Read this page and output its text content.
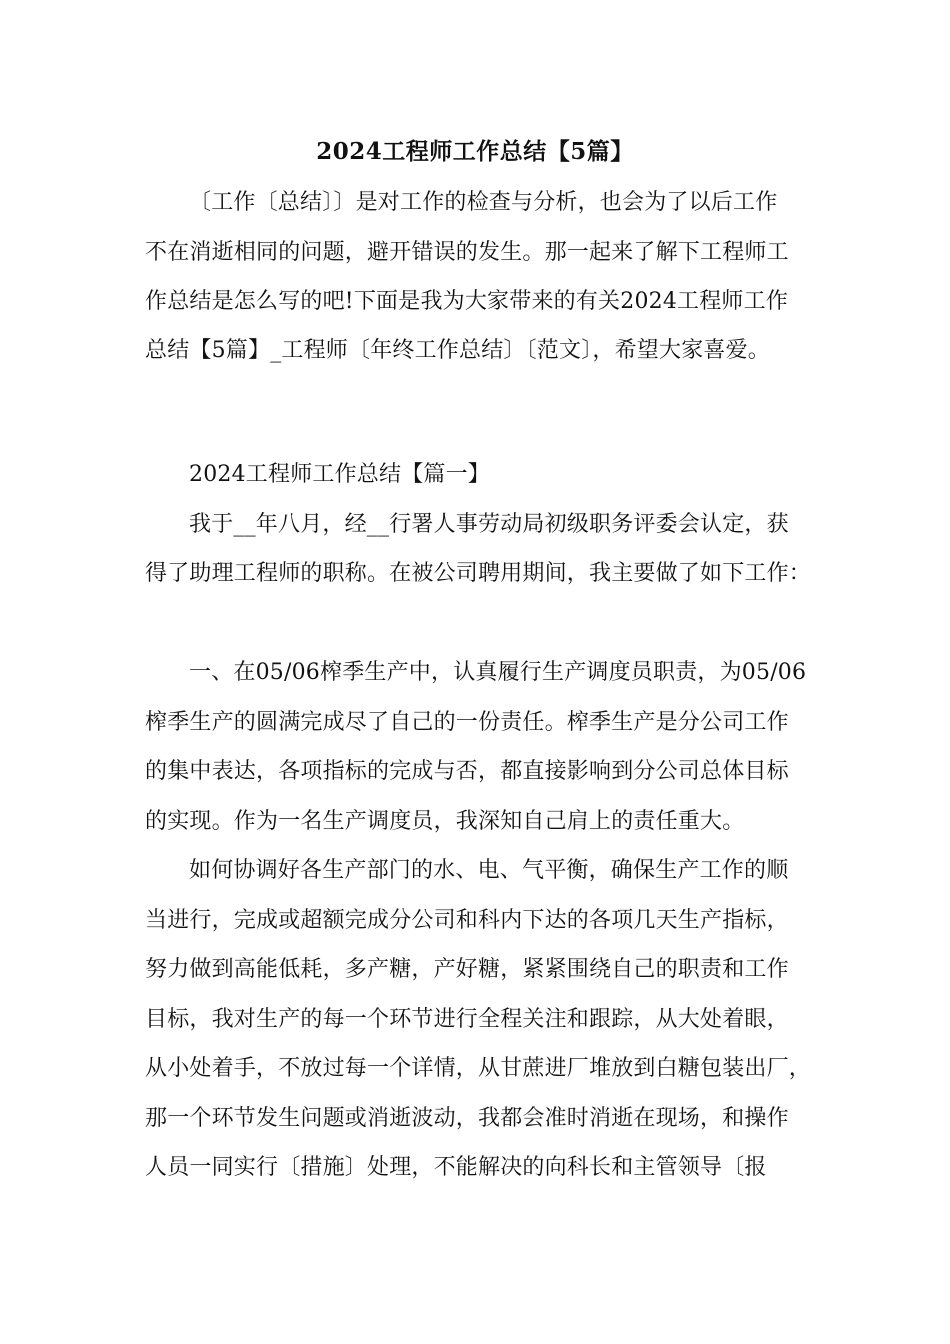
2024工程师工作总结【5篇】
〔工作〔总结〕〕是对工作的检查与分析，也会为了以后工作
不在消逝相同的问题，避开错误的发生。那一起来了解下工程师工
作总结是怎么写的吧!下面是我为大家带来的有关2024工程师工作
总结【5篇】_工程师〔年终工作总结〕〔范文〕，希望大家喜爱。
2024工程师工作总结【篇一】
我于__年八月，经__行署人事劳动局初级职务评委会认定，获
得了助理工程师的职称。在被公司聘用期间，我主要做了如下工作：
一、在05/06榨季生产中，认真履行生产调度员职责，为05/06
榨季生产的圆满完成尽了自己的一份责任。榨季生产是分公司工作
的集中表达，各项指标的完成与否，都直接影响到分公司总体目标
的实现。作为一名生产调度员，我深知自己肩上的责任重大。
如何协调好各生产部门的水、电、气平衡，确保生产工作的顺
当进行，完成或超额完成分公司和科内下达的各项几天生产指标，
努力做到高能低耗，多产糖，产好糖，紧紧围绕自己的职责和工作
目标，我对生产的每一个环节进行全程关注和跟踪，从大处着眼，
从小处着手，不放过每一个详情，从甘蔗进厂堆放到白糖包装出厂，
那一个环节发生问题或消逝波动，我都会准时消逝在现场，和操作
人员一同实行〔措施〕处理，不能解决的向科长和主管领导〔报
